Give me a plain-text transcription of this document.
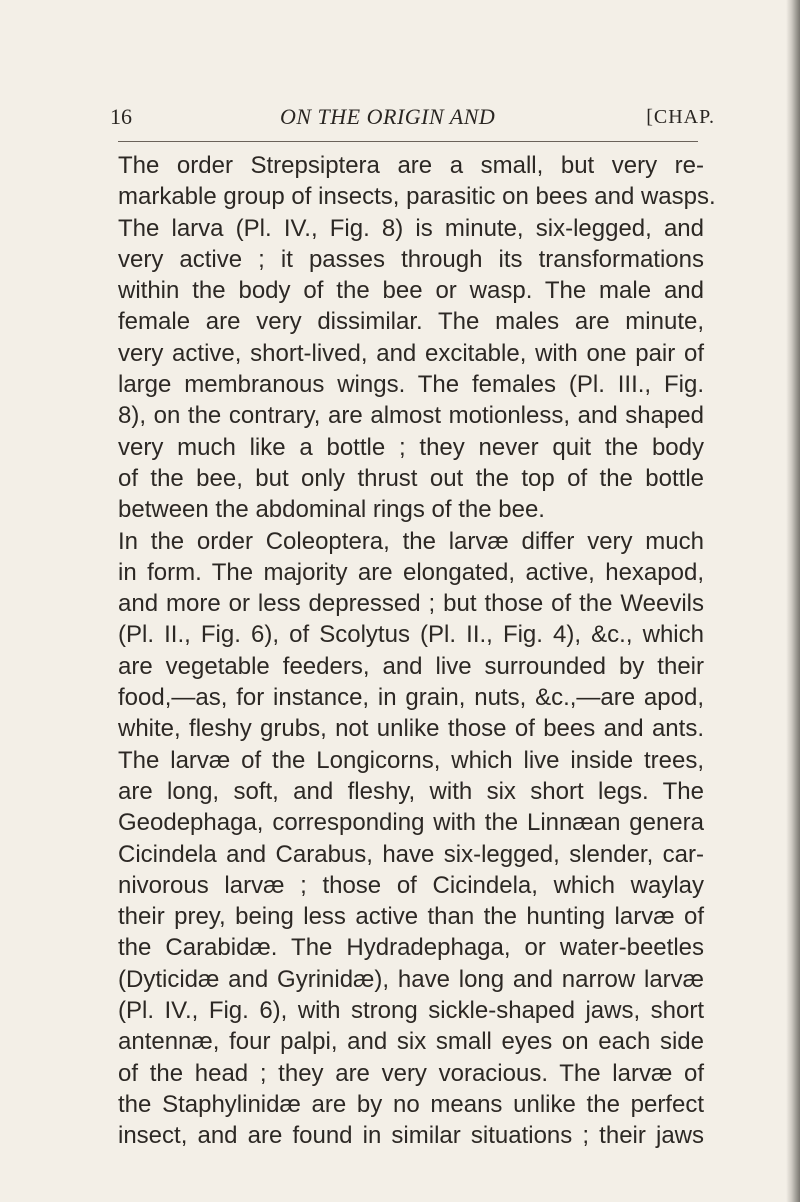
16	ON THE ORIGIN AND	[CHAP.
The order Strepsiptera are a small, but very re-
markable group of insects, parasitic on bees and wasps.
The larva (Pl. IV., Fig. 8) is minute, six-legged, and
very active ; it passes through its transformations
within the body of the bee or wasp. The male and
female are very dissimilar. The males are minute,
very active, short-lived, and excitable, with one pair of
large membranous wings. The females (Pl. III., Fig.
8), on the contrary, are almost motionless, and shaped
very much like a bottle ; they never quit the body
of the bee, but only thrust out the top of the bottle
between the abdominal rings of the bee.
In the order Coleoptera, the larvæ differ very much
in form. The majority are elongated, active, hexapod,
and more or less depressed ; but those of the Weevils
(Pl. II., Fig. 6), of Scolytus (Pl. II., Fig. 4), &c., which
are vegetable feeders, and live surrounded by their
food,—as, for instance, in grain, nuts, &c.,—are apod,
white, fleshy grubs, not unlike those of bees and ants.
The larvæ of the Longicorns, which live inside trees,
are long, soft, and fleshy, with six short legs. The
Geodephaga, corresponding with the Linnæan genera
Cicindela and Carabus, have six-legged, slender, car-
nivorous larvæ ; those of Cicindela, which waylay
their prey, being less active than the hunting larvæ of
the Carabidæ. The Hydradephaga, or water-beetles
(Dyticidæ and Gyrinidæ), have long and narrow larvæ
(Pl. IV., Fig. 6), with strong sickle-shaped jaws, short
antennæ, four palpi, and six small eyes on each side
of the head ; they are very voracious. The larvæ of
the Staphylinidæ are by no means unlike the perfect
insect, and are found in similar situations ; their jaws
